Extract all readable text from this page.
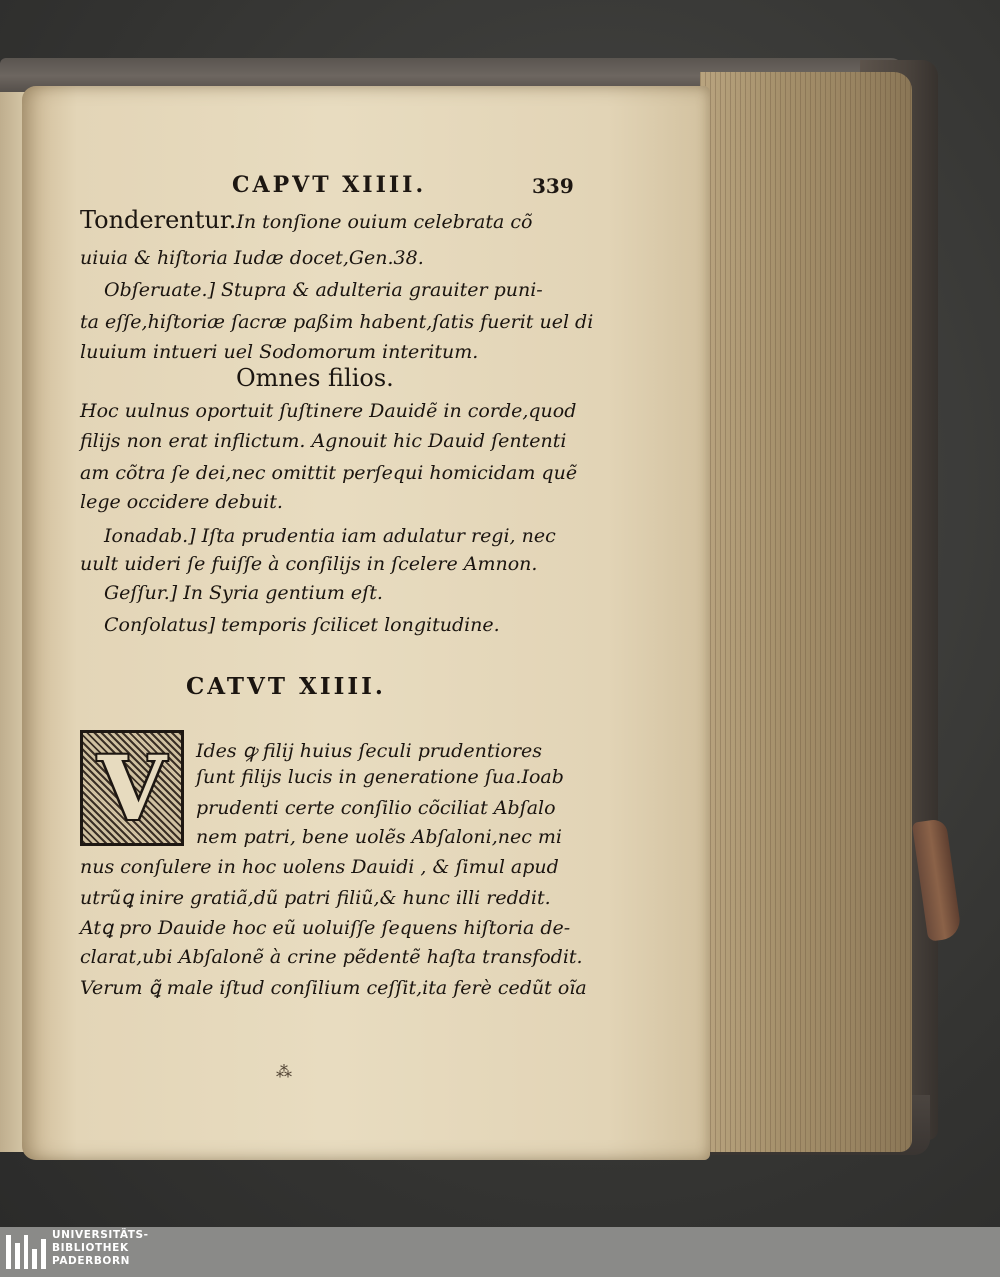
CAPVT XIIII.	339
Tonderentur.In tonſione ouium celebrata cõ
uiuia & hiſtoria Iudæ docet,Gen.38.
Obſeruate.] Stupra & adulteria grauiter puni-
ta eſſe,hiſtoriæ ſacræ paßim habent,ſatis fuerit uel di
luuium intueri uel Sodomorum interitum.
Omnes filios.
Hoc uulnus oportuit ſuſtinere Dauidẽ in corde,quod
filijs non erat inflictum. Agnouit hic Dauid ſententi
am cõtra ſe dei,nec omittit perſequi homicidam quẽ
lege occidere debuit.
Ionadab.] Iſta prudentia iam adulatur regi, nec
uult uideri ſe fuiſſe à conſilijs in ſcelere Amnon.
Geſſur.] In Syria gentium eſt.
Conſolatus] temporis ſcilicet longitudine.
CATVT XIIII.
V	Ides ꝙ filij huius ſeculi prudentiores
ſunt filijs lucis in generatione ſua.Ioab
prudenti certe conſilio cõciliat Abſalo
nem patri, bene uolẽs Abſaloni,nec mi
nus conſulere in hoc uolens Dauidi , & ſimul apud
utrũꝗ inire gratiã,dũ patri filiũ,& hunc illi reddit.
Atꝗ pro Dauide hoc eũ uoluiſſe ſequens hiſtoria de-
clarat,ubi Abſalonẽ à crine pẽdentẽ haſta transfodit.
Verum ꝗ̃ male iſtud conſilium ceſſit,ita ferè cedũt oĩa
⁂
UNIVERSITÄTS-
BIBLIOTHEK
PADERBORN
